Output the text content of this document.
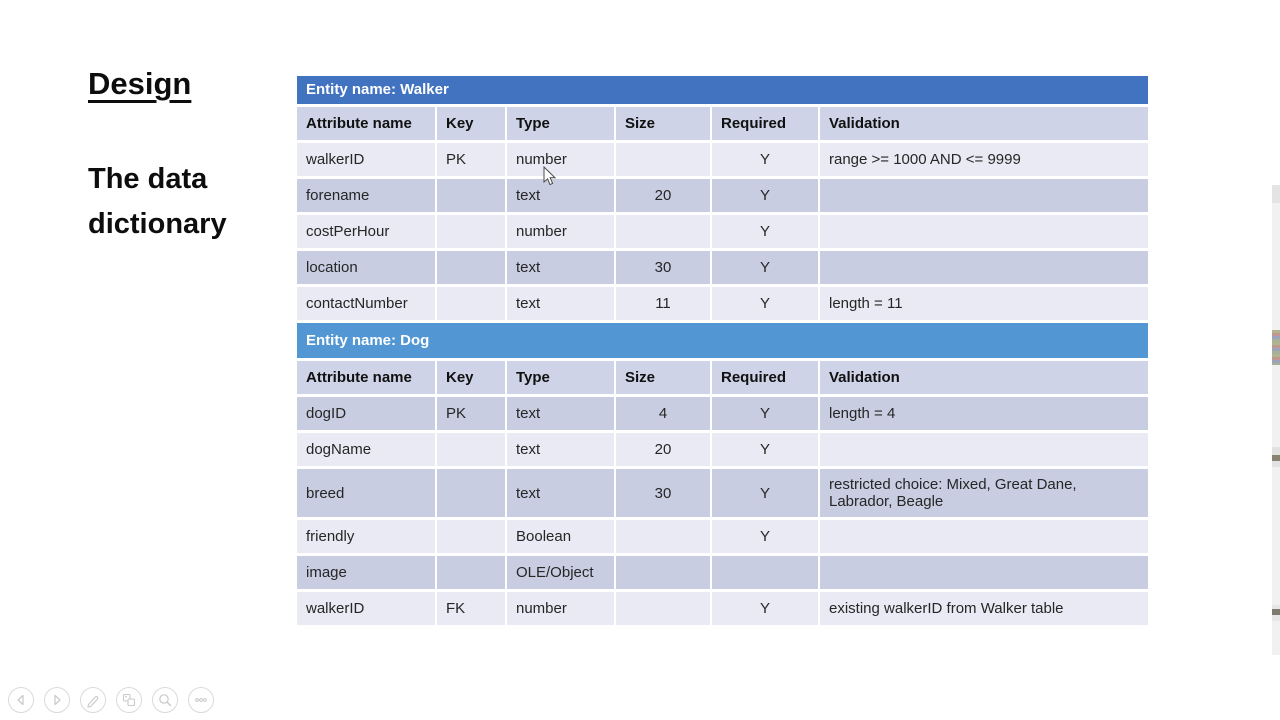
Design
The data dictionary
Entity name: Walker
Attribute name	Key	Type	Size	Required	Validation
walkerID	PK	number		Y	range >= 1000 AND <= 9999
forename		text	20	Y	
costPerHour		number		Y	
location		text	30	Y	
contactNumber		text	11	Y	length = 11
Entity name: Dog
Attribute name	Key	Type	Size	Required	Validation
dogID	PK	text	4	Y	length = 4
dogName		text	20	Y	
breed		text	30	Y	restricted choice: Mixed, Great Dane, Labrador, Beagle
friendly		Boolean		Y	
image		OLE/Object			
walkerID	FK	number		Y	existing walkerID from Walker table
